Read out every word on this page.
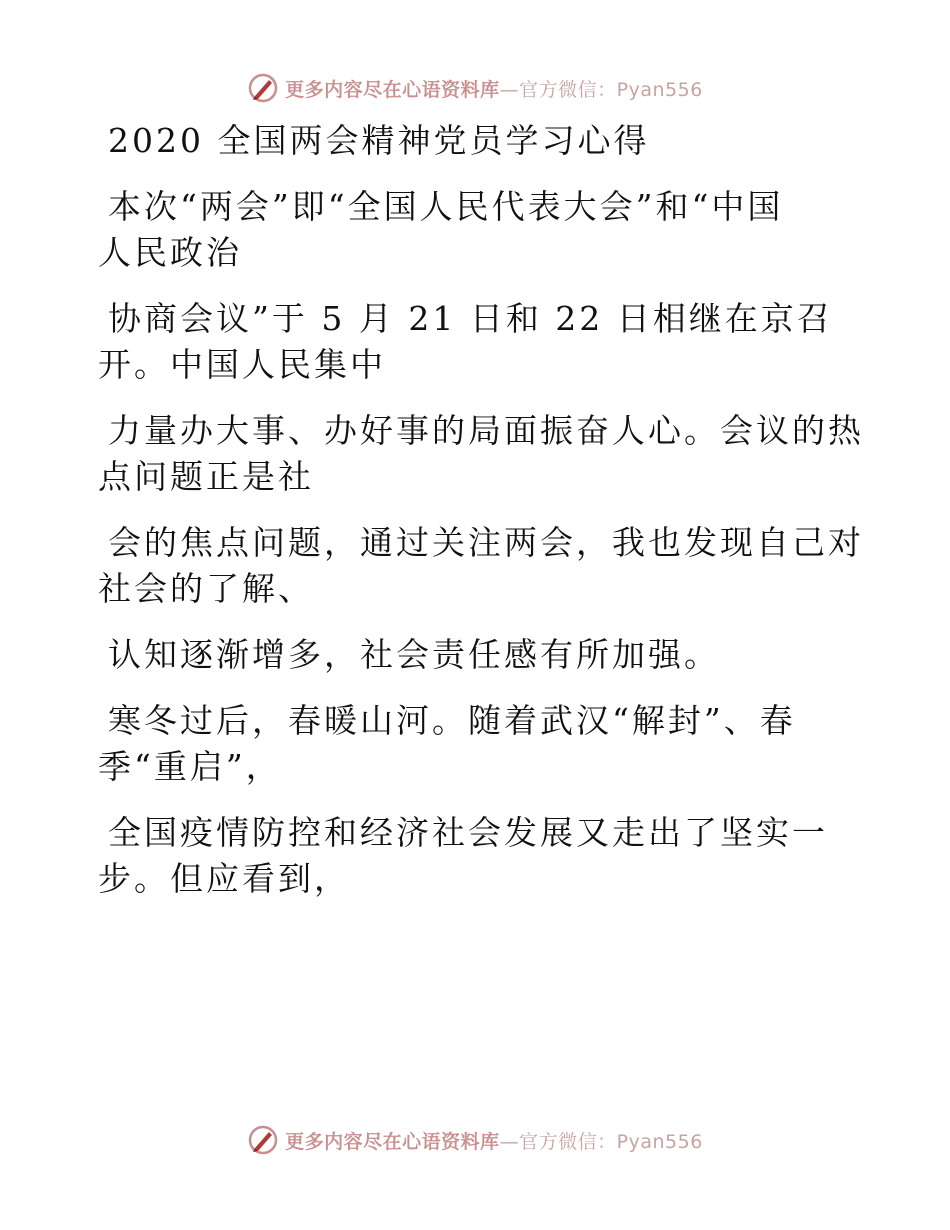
更多内容尽在心语资料库—官方微信：Pyan556

2020 全国两会精神党员学习心得

本次“两会”即“全国人民代表大会”和“中国

人民政治

协商会议”于 5 月 21 日和 22 日相继在京召

开。中国人民集中

力量办大事、办好事的局面振奋人心。会议的热

点问题正是社

会的焦点问题，通过关注两会，我也发现自己对

社会的了解、

认知逐渐增多，社会责任感有所加强。

寒冬过后，春暖山河。随着武汉“解封”、春

季“重启”，

全国疫情防控和经济社会发展又走出了坚实一

步。但应看到，

更多内容尽在心语资料库—官方微信：Pyan556
